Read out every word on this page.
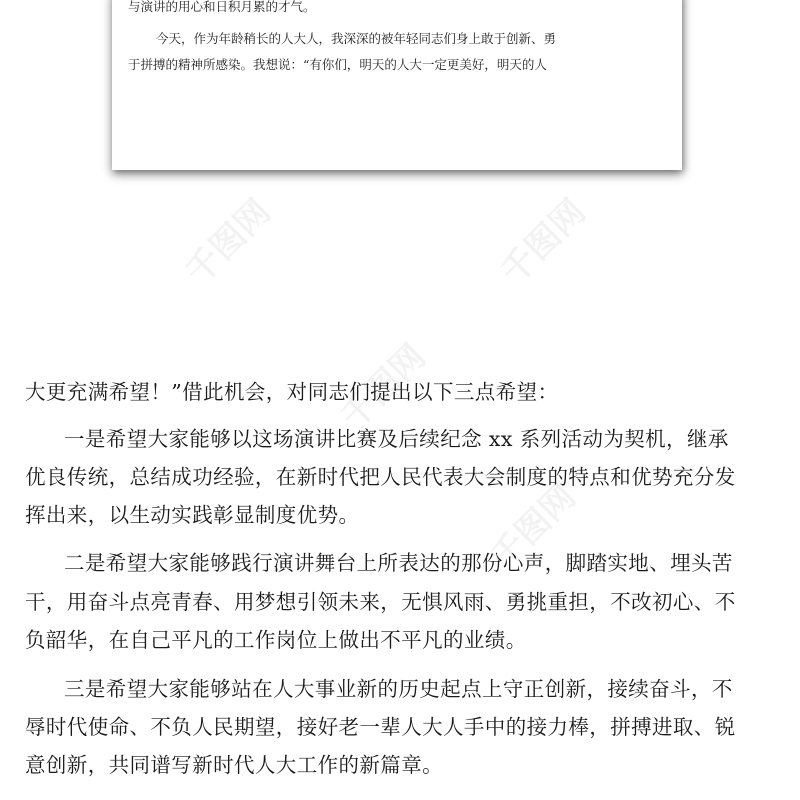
千图网	千图网
千图网
千图网
与演讲的用心和日积月累的才气。
今天，作为年龄稍长的人大人，我深深的被年轻同志们身上敢于创新、勇
于拼搏的精神所感染。我想说：“有你们，明天的人大一定更美好，明天的人
大更充满希望！”借此机会，对同志们提出以下三点希望：
一是希望大家能够以这场演讲比赛及后续纪念 xx 系列活动为契机，继承
优良传统，总结成功经验，在新时代把人民代表大会制度的特点和优势充分发
挥出来，以生动实践彰显制度优势。
二是希望大家能够践行演讲舞台上所表达的那份心声，脚踏实地、埋头苦
干，用奋斗点亮青春、用梦想引领未来，无惧风雨、勇挑重担，不改初心、不
负韶华，在自己平凡的工作岗位上做出不平凡的业绩。
三是希望大家能够站在人大事业新的历史起点上守正创新，接续奋斗，不
辱时代使命、不负人民期望，接好老一辈人大人手中的接力棒，拼搏进取、锐
意创新，共同谱写新时代人大工作的新篇章。
